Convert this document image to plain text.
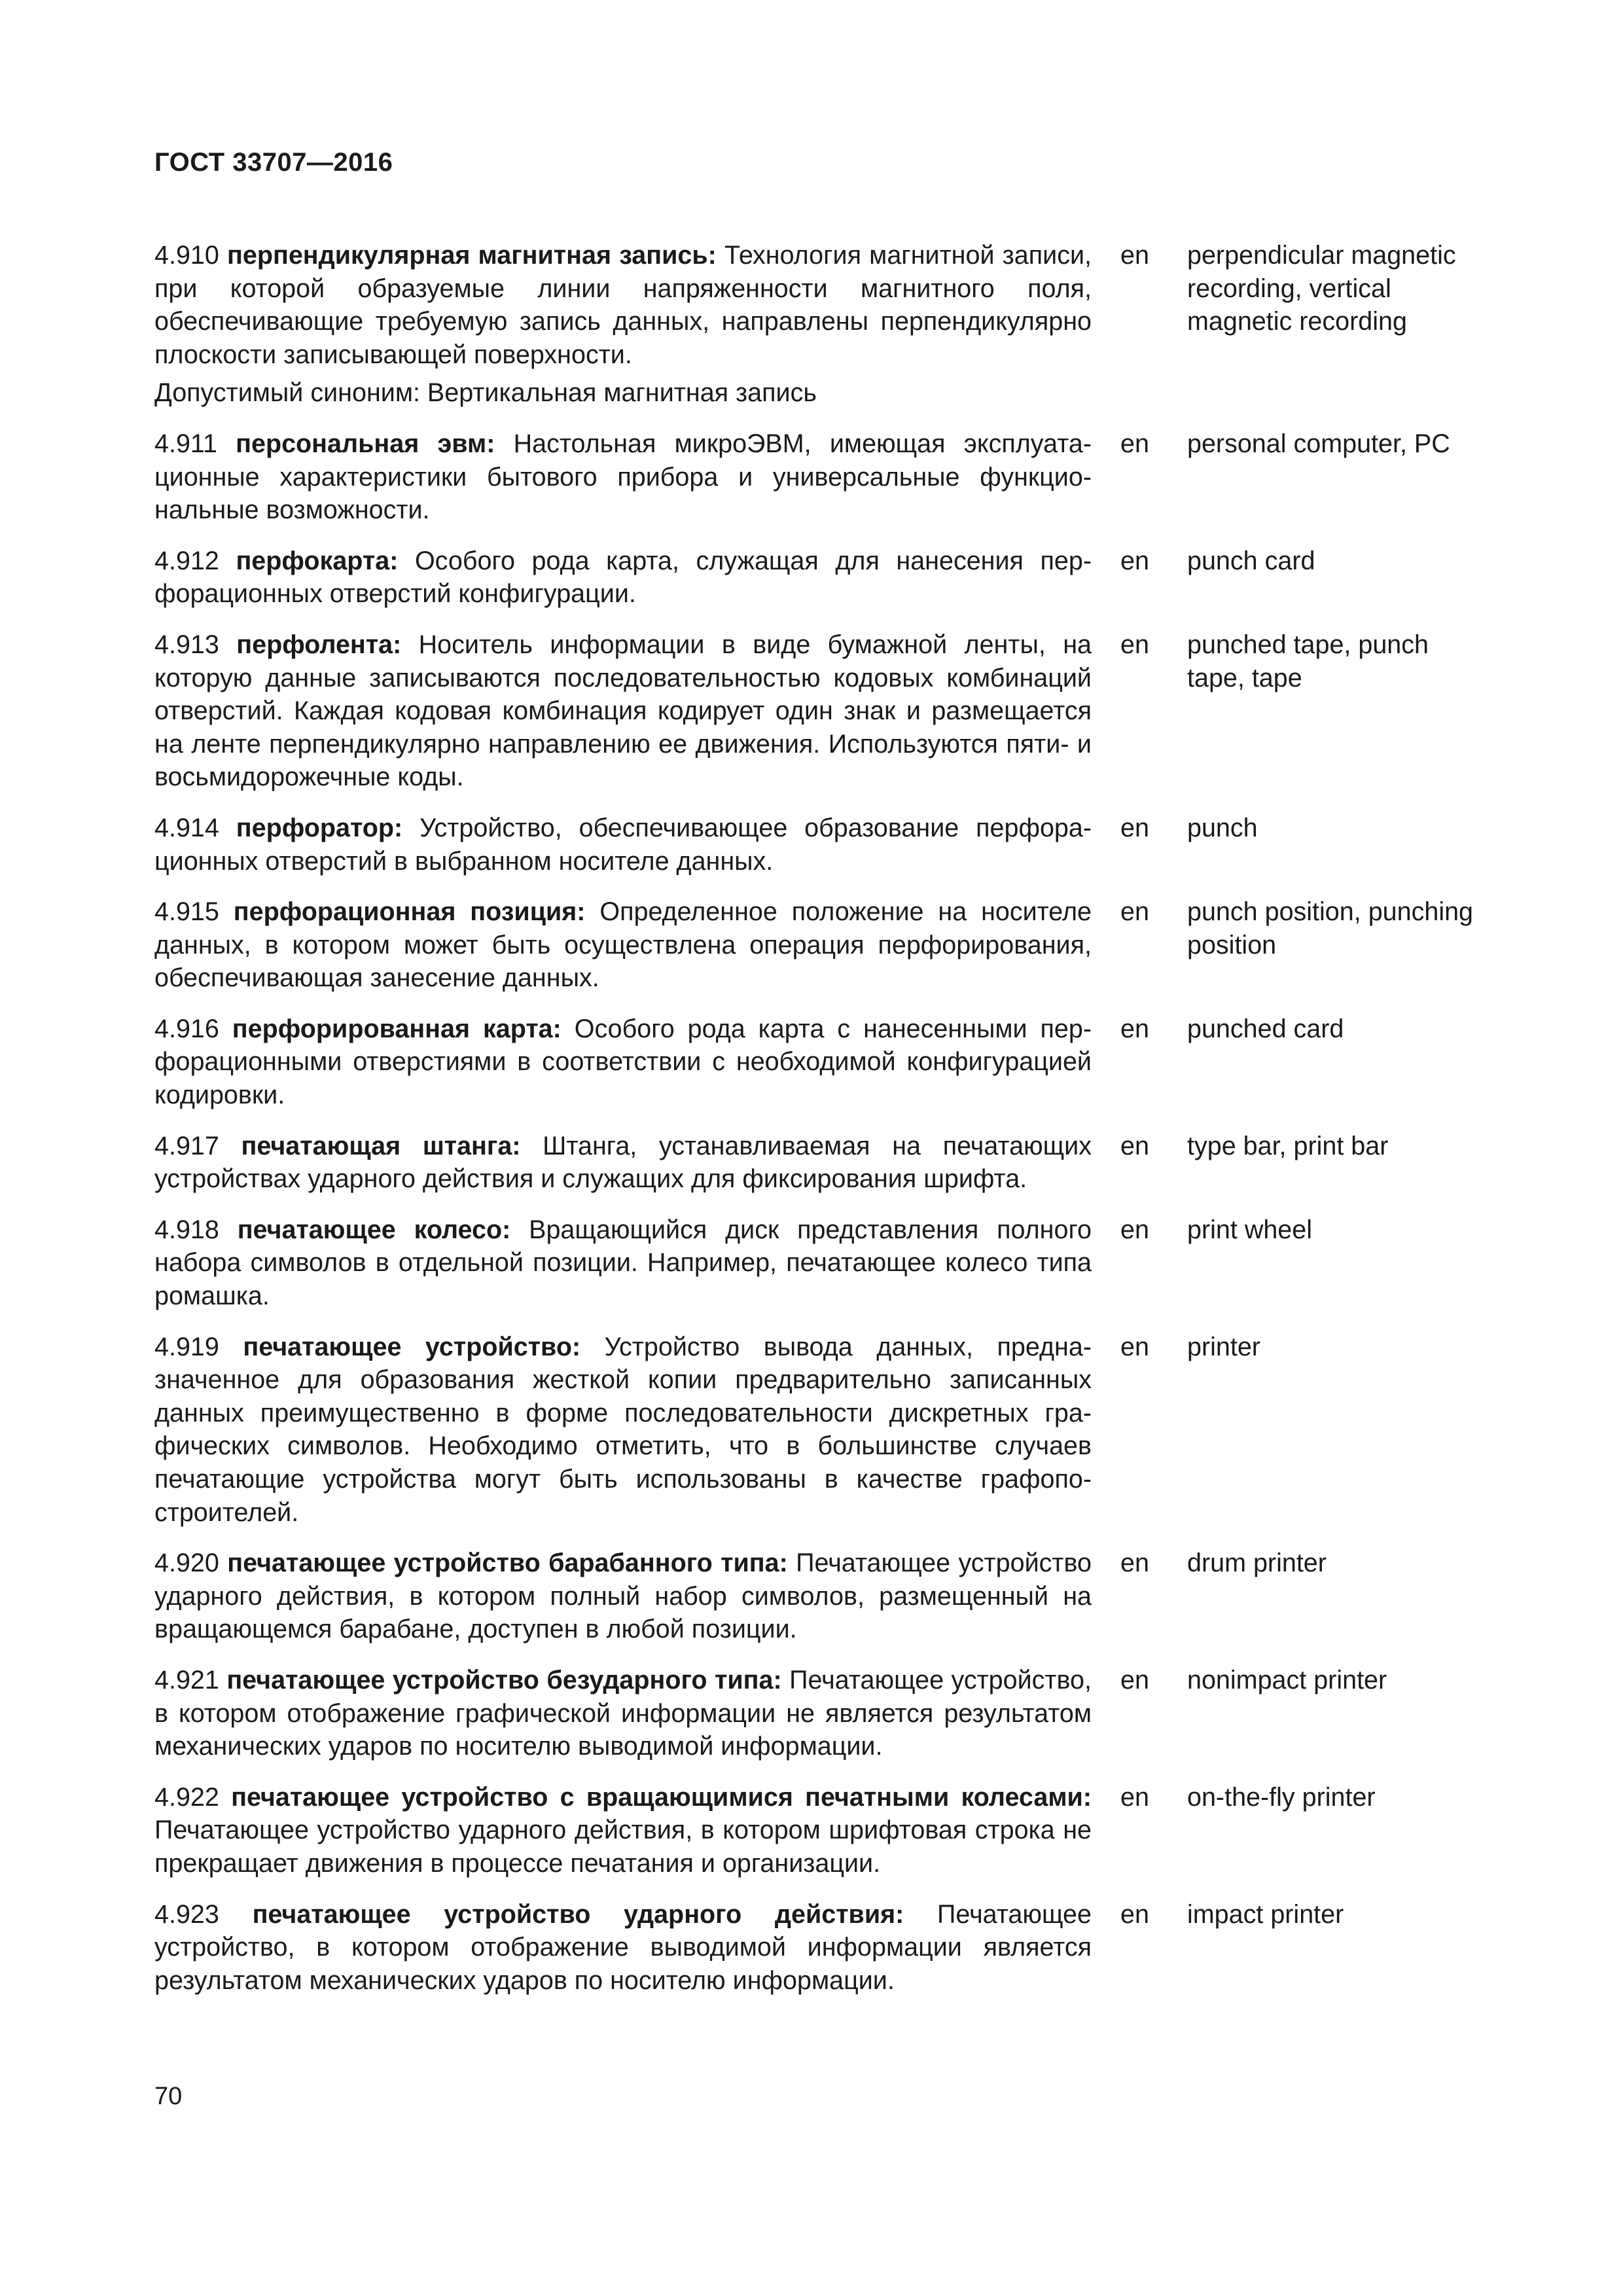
ГОСТ 33707—2016
4.910 перпендикулярная магнитная запись: Технология магнитной записи, при которой образуемые линии напряженности магнитного поля, обеспечивающие требуемую запись данных, направлены перпендикулярно плоскости записывающей поверхности.
Допустимый синоним: Вертикальная магнитная запись
en perpendicular magnetic recording, vertical magnetic recording
4.911 персональная эвм: Настольная микроЭВМ, имеющая эксплуатационные характеристики бытового прибора и универсальные функциональные возможности.
en personal computer, PC
4.912 перфокарта: Особого рода карта, служащая для нанесения перфорационных отверстий конфигурации.
en punch card
4.913 перфолента: Носитель информации в виде бумажной ленты, на которую данные записываются последовательностью кодовых комбинаций отверстий. Каждая кодовая комбинация кодирует один знак и размещается на ленте перпендикулярно направлению ее движения. Используются пяти- и восьмидорожечные коды.
en punched tape, punch tape, tape
4.914 перфоратор: Устройство, обеспечивающее образование перфорационных отверстий в выбранном носителе данных.
en punch
4.915 перфорационная позиция: Определенное положение на носителе данных, в котором может быть осуществлена операция перфорирования, обеспечивающая занесение данных.
en punch position, punching position
4.916 перфорированная карта: Особого рода карта с нанесенными перфорационными отверстиями в соответствии с необходимой конфигурацией кодировки.
en punched card
4.917 печатающая штанга: Штанга, устанавливаемая на печатающих устройствах ударного действия и служащих для фиксирования шрифта.
en type bar, print bar
4.918 печатающее колесо: Вращающийся диск представления полного набора символов в отдельной позиции. Например, печатающее колесо типа ромашка.
en print wheel
4.919 печатающее устройство: Устройство вывода данных, предназначенное для образования жесткой копии предварительно записанных данных преимущественно в форме последовательности дискретных графических символов. Необходимо отметить, что в большинстве случаев печатающие устройства могут быть использованы в качестве графопостроителей.
en printer
4.920 печатающее устройство барабанного типа: Печатающее устройство ударного действия, в котором полный набор символов, размещенный на вращающемся барабане, доступен в любой позиции.
en drum printer
4.921 печатающее устройство безударного типа: Печатающее устройство, в котором отображение графической информации не является результатом механических ударов по носителю выводимой информации.
en nonimpact printer
4.922 печатающее устройство с вращающимися печатными колесами: Печатающее устройство ударного действия, в котором шрифтовая строка не прекращает движения в процессе печатания и организации.
en on-the-fly printer
4.923 печатающее устройство ударного действия: Печатающее устройство, в котором отображение выводимой информации является результатом механических ударов по носителю информации.
en impact printer
70
